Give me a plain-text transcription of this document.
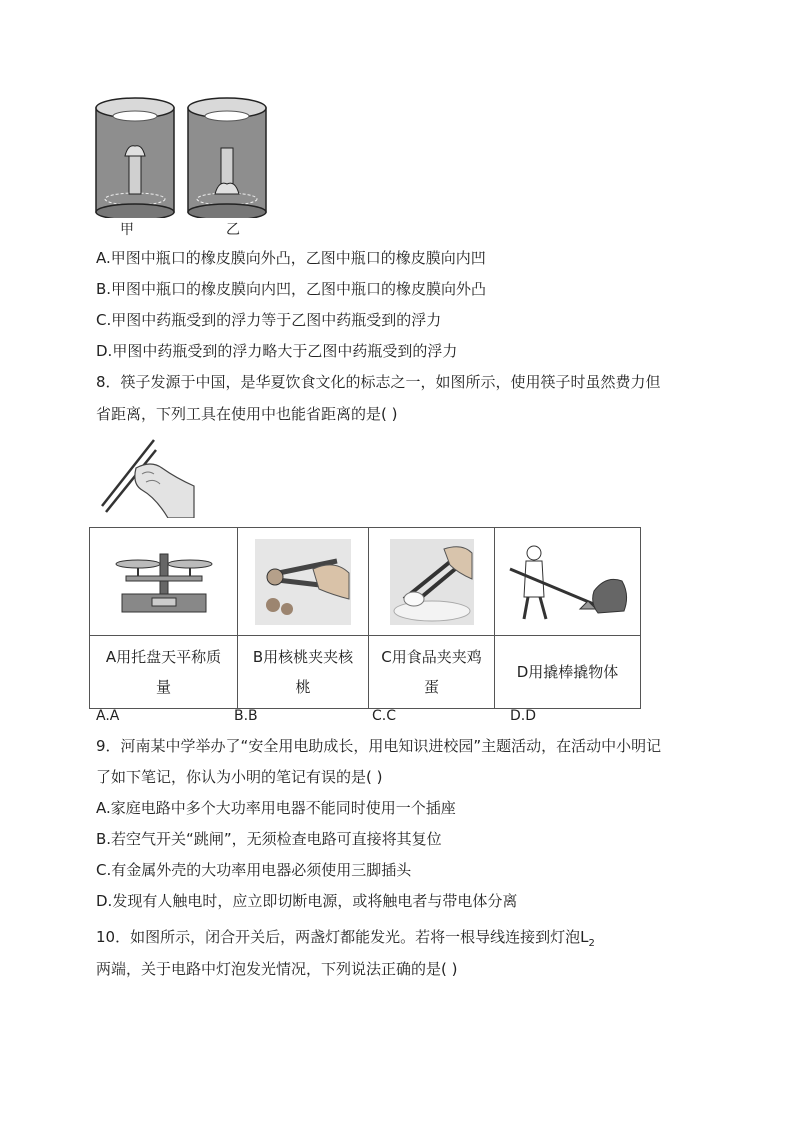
甲	乙
A.甲图中瓶口的橡皮膜向外凸，乙图中瓶口的橡皮膜向内凹
B.甲图中瓶口的橡皮膜向内凹，乙图中瓶口的橡皮膜向外凸
C.甲图中药瓶受到的浮力等于乙图中药瓶受到的浮力
D.甲图中药瓶受到的浮力略大于乙图中药瓶受到的浮力
8．筷子发源于中国，是华夏饮食文化的标志之一，如图所示，使用筷子时虽然费力但
省距离，下列工具在使用中也能省距离的是( )

A用托盘天平称质量	B用核桃夹夹核桃	C用食品夹夹鸡蛋	D用撬棒撬物体
A.A	B.B	C.C	D.D
9．河南某中学举办了“安全用电助成长，用电知识进校园”主题活动，在活动中小明记
了如下笔记，你认为小明的笔记有误的是( )
A.家庭电路中多个大功率用电器不能同时使用一个插座
B.若空气开关“跳闸”，无须检查电路可直接将其复位
C.有金属外壳的大功率用电器必须使用三脚插头
D.发现有人触电时，应立即切断电源，或将触电者与带电体分离
10．如图所示，闭合开关后，两盏灯都能发光。若将一根导线连接到灯泡$L_2$
两端，关于电路中灯泡发光情况，下列说法正确的是( )
